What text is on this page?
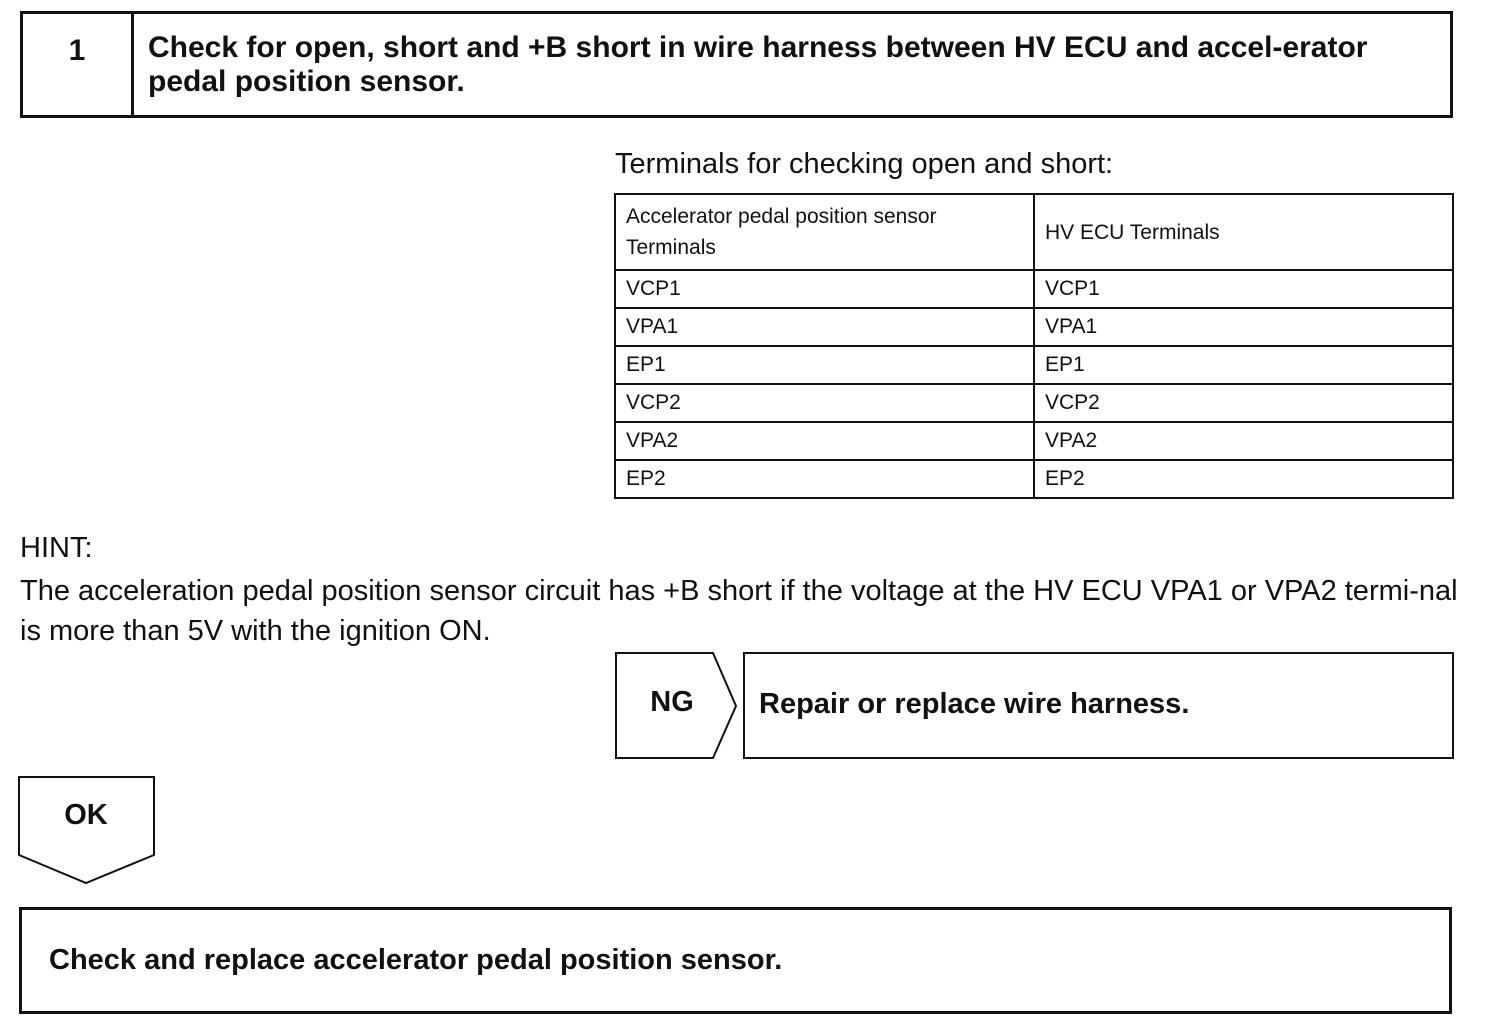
1	Check for open, short and +B short in wire harness between HV ECU and accel-erator pedal position sensor.
Terminals for checking open and short:
Accelerator pedal position sensor Terminals	HV ECU Terminals
VCP1	VCP1
VPA1	VPA1
EP1	EP1
VCP2	VCP2
VPA2	VPA2
EP2	EP2
HINT:
The acceleration pedal position sensor circuit has +B short if the voltage at the HV ECU VPA1 or VPA2 termi-nal is more than 5V with the ignition ON.
NG	Repair or replace wire harness.
OK
Check and replace accelerator pedal position sensor.
